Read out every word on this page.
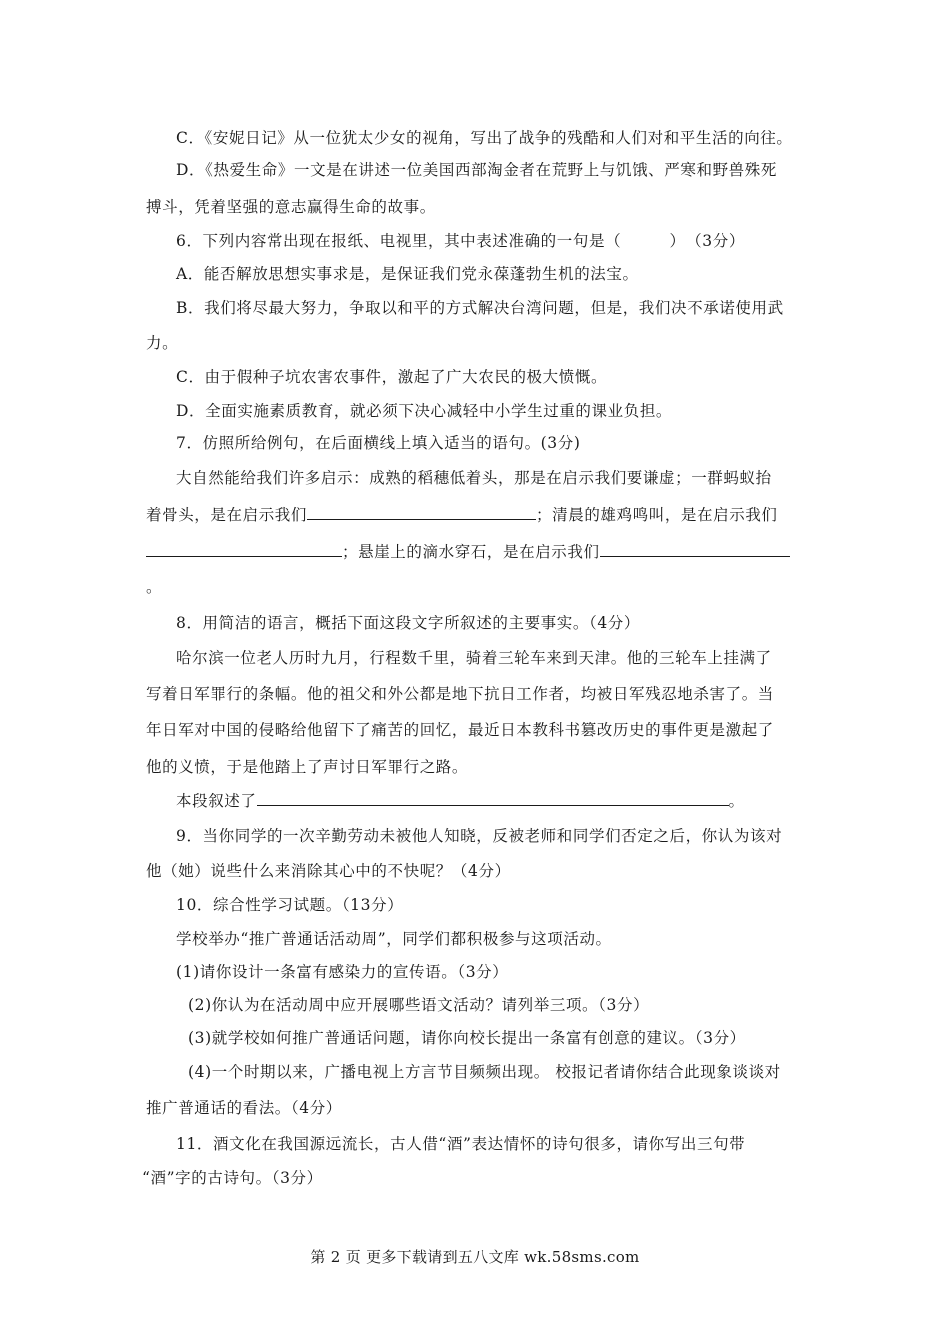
C．《安妮日记》从一位犹太少女的视角，写出了战争的残酷和人们对和平生活的向往。
D．《热爱生命》一文是在讲述一位美国西部淘金者在荒野上与饥饿、严寒和野兽殊死
搏斗，凭着坚强的意志赢得生命的故事。
6．下列内容常出现在报纸、电视里，其中表述准确的一句是（　　　）　（3分）
A．能否解放思想实事求是，是保证我们党永葆蓬勃生机的法宝。
B．我们将尽最大努力，争取以和平的方式解决台湾问题，但是，我们决不承诺使用武
力。
C．由于假种子坑农害农事件，激起了广大农民的极大愤慨。
D．全面实施素质教育，就必须下决心减轻中小学生过重的课业负担。
7．仿照所给例句，在后面横线上填入适当的语句。(3分)
大自然能给我们许多启示：成熟的稻穗低着头，那是在启示我们要谦虚；一群蚂蚁抬
着骨头，是在启示我们	；清晨的雄鸡鸣叫，是在启示我们
；悬崖上的滴水穿石，是在启示我们
。
8．用简洁的语言，概括下面这段文字所叙述的主要事实。（4分）
哈尔滨一位老人历时九月，行程数千里，骑着三轮车来到天津。他的三轮车上挂满了
写着日军罪行的条幅。他的祖父和外公都是地下抗日工作者，均被日军残忍地杀害了。当
年日军对中国的侵略给他留下了痛苦的回忆，最近日本教科书篡改历史的事件更是激起了
他的义愤，于是他踏上了声讨日军罪行之路。
本段叙述了	。
9．当你同学的一次辛勤劳动未被他人知晓，反被老师和同学们否定之后，你认为该对
他（她）说些什么来消除其心中的不快呢？（4分）
10．综合性学习试题。（13分）
学校举办“推广普通话活动周”，同学们都积极参与这项活动。
(1)请你设计一条富有感染力的宣传语。（3分）
(2)你认为在活动周中应开展哪些语文活动？请列举三项。（3分）
(3)就学校如何推广普通话问题，请你向校长提出一条富有创意的建议。（3分）
(4)一个时期以来，广播电视上方言节目频频出现。 校报记者请你结合此现象谈谈对
推广普通话的看法。（4分）
11．酒文化在我国源远流长，古人借“酒”表达情怀的诗句很多，请你写出三句带
“酒”字的古诗句。（3分）
第 2 页 更多下载请到五八文库 wk.58sms.com
